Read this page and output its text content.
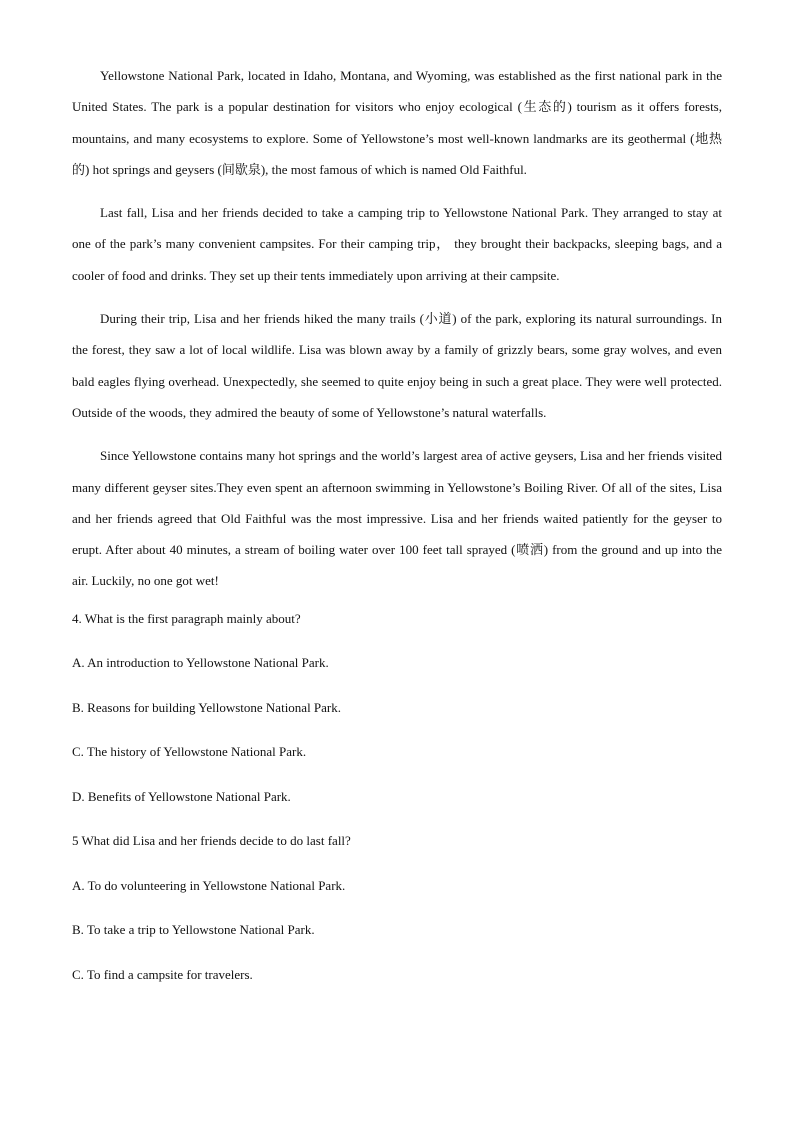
Yellowstone National Park, located in Idaho, Montana, and Wyoming, was established as the first national park in the United States. The park is a popular destination for visitors who enjoy ecological (生态的) tourism as it offers forests, mountains, and many ecosystems to explore. Some of Yellowstone’s most well-known landmarks are its geothermal (地热的) hot springs and geysers (间歇泉), the most famous of which is named Old Faithful.

Last fall, Lisa and her friends decided to take a camping trip to Yellowstone National Park. They arranged to stay at one of the park’s many convenient campsites. For their camping trip， they brought their backpacks, sleeping bags, and a cooler of food and drinks. They set up their tents immediately upon arriving at their campsite.

During their trip, Lisa and her friends hiked the many trails (小道) of the park, exploring its natural surroundings. In the forest, they saw a lot of local wildlife. Lisa was blown away by a family of grizzly bears, some gray wolves, and even bald eagles flying overhead. Unexpectedly, she seemed to quite enjoy being in such a great place. They were well protected. Outside of the woods, they admired the beauty of some of Yellowstone’s natural waterfalls.

Since Yellowstone contains many hot springs and the world’s largest area of active geysers, Lisa and her friends visited many different geyser sites.They even spent an afternoon swimming in Yellowstone’s Boiling River. Of all of the sites, Lisa and her friends agreed that Old Faithful was the most impressive. Lisa and her friends waited patiently for the geyser to erupt. After about 40 minutes, a stream of boiling water over 100 feet tall sprayed (喷洒) from the ground and up into the air. Luckily, no one got wet!

4. What is the first paragraph mainly about?

A. An introduction to Yellowstone National Park.

B. Reasons for building Yellowstone National Park.

C. The history of Yellowstone National Park.

D. Benefits of Yellowstone National Park.

5 What did Lisa and her friends decide to do last fall?

A. To do volunteering in Yellowstone National Park.

B. To take a trip to Yellowstone National Park.

C. To find a campsite for travelers.
